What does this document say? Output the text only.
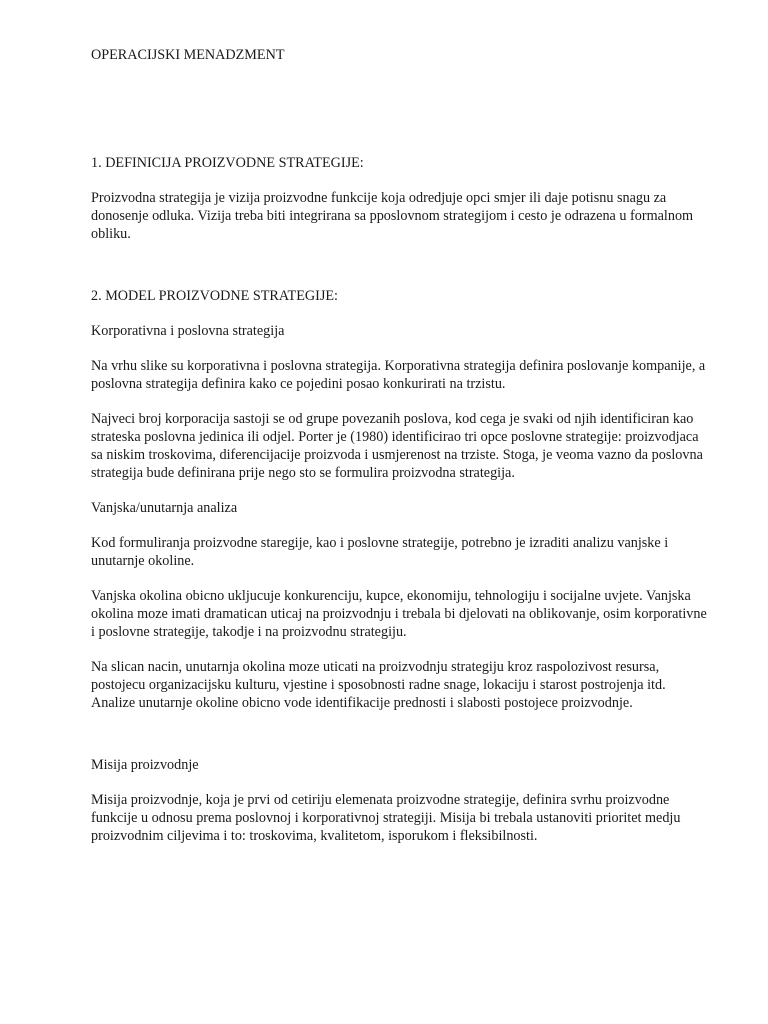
OPERACIJSKI MENADZMENT

1. DEFINICIJA PROIZVODNE STRATEGIJE:

Proizvodna strategija je vizija proizvodne funkcije koja odredjuje opci smjer ili daje potisnu snagu za donosenje odluka. Vizija treba biti integrirana sa pposlovnom strategijom i cesto je odrazena u formalnom obliku.

2. MODEL PROIZVODNE STRATEGIJE:

Korporativna i poslovna strategija

Na vrhu slike su korporativna i poslovna strategija. Korporativna strategija definira poslovanje kompanije, a poslovna strategija definira kako ce pojedini posao konkurirati na trzistu.

Najveci broj korporacija sastoji se od grupe povezanih poslova, kod cega je svaki od njih identificiran kao strateska poslovna jedinica ili odjel. Porter je (1980) identificirao tri opce poslovne strategije: proizvodjaca sa niskim troskovima, diferencijacije proizvoda i usmjerenost na trziste. Stoga, je veoma vazno da poslovna strategija bude definirana prije nego sto se formulira proizvodna strategija.

Vanjska/unutarnja analiza

Kod formuliranja proizvodne staregije, kao i poslovne strategije, potrebno je izraditi analizu vanjske i unutarnje okoline.

Vanjska okolina obicno ukljucuje konkurenciju, kupce, ekonomiju, tehnologiju i socijalne uvjete. Vanjska okolina moze imati dramatican uticaj na proizvodnju i trebala bi djelovati na oblikovanje, osim korporativne i poslovne strategije, takodje i na proizvodnu strategiju.

Na slican nacin, unutarnja okolina moze uticati na proizvodnju strategiju kroz raspolozivost resursa, postojecu organizacijsku kulturu, vjestine i sposobnosti radne snage, lokaciju i starost postrojenja itd. Analize unutarnje okoline obicno vode identifikacije prednosti i slabosti postojece proizvodnje.

Misija proizvodnje

Misija proizvodnje, koja je prvi od cetiriju elemenata proizvodne strategije, definira svrhu proizvodne funkcije u odnosu prema poslovnoj i korporativnoj strategiji. Misija bi trebala ustanoviti prioritet medju proizvodnim ciljevima i to: troskovima, kvalitetom, isporukom i fleksibilnosti.
